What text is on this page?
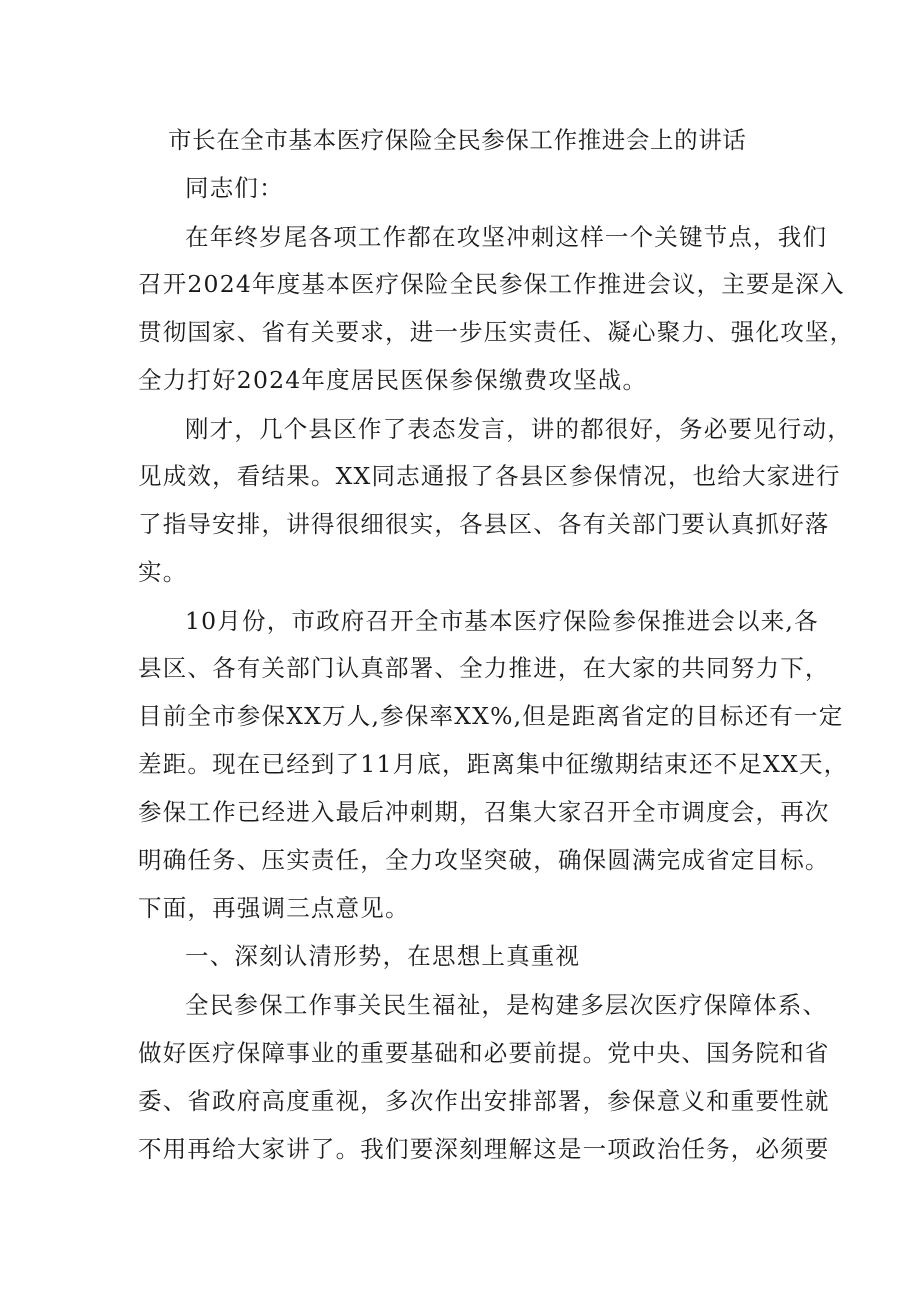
市长在全市基本医疗保险全民参保工作推进会上的讲话
同志们：
在年终岁尾各项工作都在攻坚冲刺这样一个关键节点，我们
召开2024年度基本医疗保险全民参保工作推进会议，主要是深入
贯彻国家、省有关要求，进一步压实责任、凝心聚力、强化攻坚，
全力打好2024年度居民医保参保缴费攻坚战。
刚才，几个县区作了表态发言，讲的都很好，务必要见行动，
见成效，看结果。XX同志通报了各县区参保情况，也给大家进行
了指导安排，讲得很细很实，各县区、各有关部门要认真抓好落
实。
10月份，市政府召开全市基本医疗保险参保推进会以来,各
县区、各有关部门认真部署、全力推进，在大家的共同努力下，
目前全市参保XX万人,参保率XX%,但是距离省定的目标还有一定
差距。现在已经到了11月底，距离集中征缴期结束还不足XX天，
参保工作已经进入最后冲刺期，召集大家召开全市调度会，再次
明确任务、压实责任，全力攻坚突破，确保圆满完成省定目标。
下面，再强调三点意见。
一、深刻认清形势，在思想上真重视
全民参保工作事关民生福祉，是构建多层次医疗保障体系、
做好医疗保障事业的重要基础和必要前提。党中央、国务院和省
委、省政府高度重视，多次作出安排部署，参保意义和重要性就
不用再给大家讲了。我们要深刻理解这是一项政治任务，必须要
